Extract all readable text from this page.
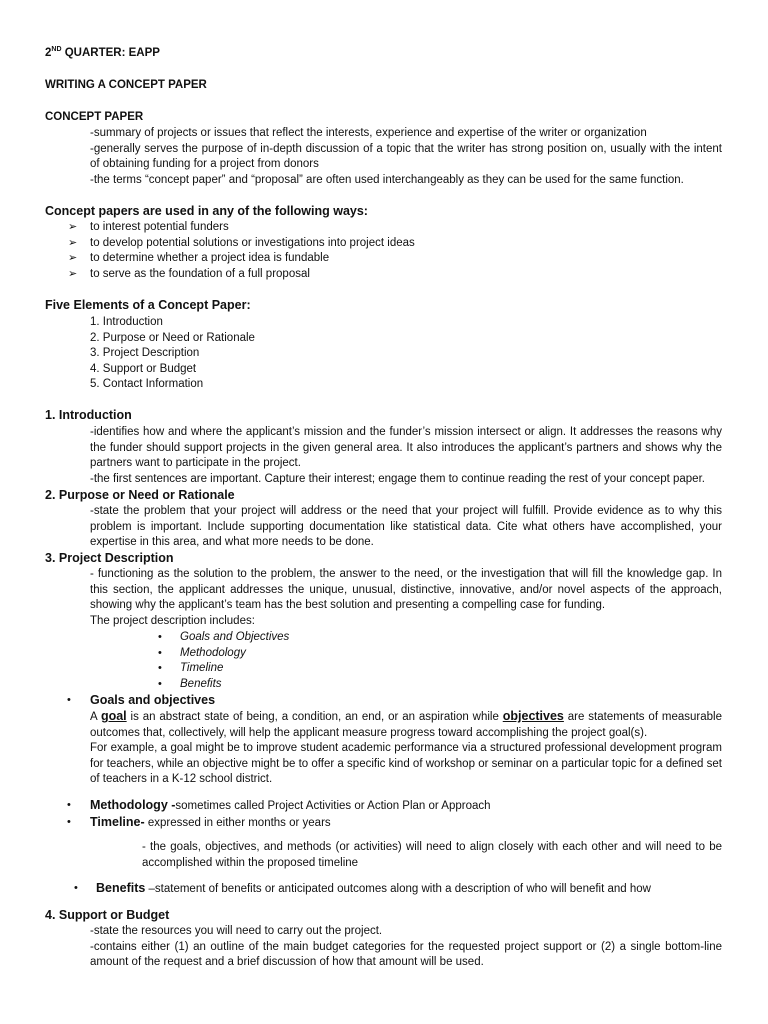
2ND QUARTER: EAPP
WRITING A CONCEPT PAPER
CONCEPT PAPER
-summary of projects or issues that reflect the interests, experience and expertise of the writer or organization
-generally serves the purpose of in-depth discussion of a topic that the writer has strong position on, usually with the intent of obtaining funding for a project from donors
-the terms “concept paper” and “proposal” are often used interchangeably as they can be used for the same function.
Concept papers are used in any of the following ways:
➢ to interest potential funders
➢ to develop potential solutions or investigations into project ideas
➢ to determine whether a project idea is fundable
➢ to serve as the foundation of a full proposal
Five Elements of a Concept Paper:
1. Introduction
2. Purpose or Need or Rationale
3. Project Description
4. Support or Budget
5. Contact Information
1. Introduction
-identifies how and where the applicant’s mission and the funder’s mission intersect or align. It addresses the reasons why the funder should support projects in the given general area. It also introduces the applicant’s partners and shows why the partners want to participate in the project.
-the first sentences are important. Capture their interest; engage them to continue reading the rest of your concept paper.
2. Purpose or Need or Rationale
-state the problem that your project will address or the need that your project will fulfill. Provide evidence as to why this problem is important. Include supporting documentation like statistical data. Cite what others have accomplished, your expertise in this area, and what more needs to be done.
3. Project Description
- functioning as the solution to the problem, the answer to the need, or the investigation that will fill the knowledge gap. In this section, the applicant addresses the unique, unusual, distinctive, innovative, and/or novel aspects of the approach, showing why the applicant’s team has the best solution and presenting a compelling case for funding.
The project description includes:
• Goals and Objectives
• Methodology
• Timeline
• Benefits
• Goals and objectives
A goal is an abstract state of being, a condition, an end, or an aspiration while objectives are statements of measurable outcomes that, collectively, will help the applicant measure progress toward accomplishing the project goal(s).
For example, a goal might be to improve student academic performance via a structured professional development program for teachers, while an objective might be to offer a specific kind of workshop or seminar on a particular topic for a defined set of teachers in a K-12 school district.
• Methodology -sometimes called Project Activities or Action Plan or Approach
• Timeline- expressed in either months or years
- the goals, objectives, and methods (or activities) will need to align closely with each other and will need to be accomplished within the proposed timeline
• Benefits –statement of benefits or anticipated outcomes along with a description of who will benefit and how
4. Support or Budget
-state the resources you will need to carry out the project.
-contains either (1) an outline of the main budget categories for the requested project support or (2) a single bottom-line amount of the request and a brief discussion of how that amount will be used.
